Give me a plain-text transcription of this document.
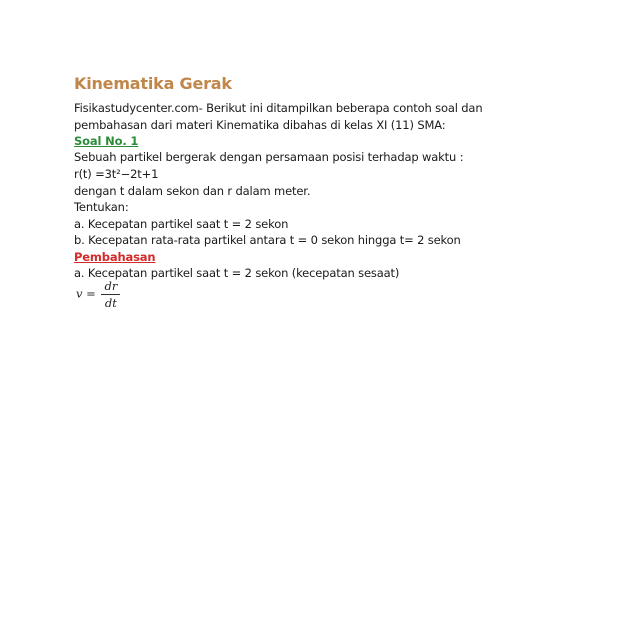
Kinematika Gerak
Fisikastudycenter.com- Berikut ini ditampilkan beberapa contoh soal dan
pembahasan dari materi Kinematika dibahas di kelas XI (11) SMA:
Soal No. 1
Sebuah partikel bergerak dengan persamaan posisi terhadap waktu :
r(t) =3t²−2t+1
dengan t dalam sekon dan r dalam meter.
Tentukan:
a. Kecepatan partikel saat t = 2 sekon
b. Kecepatan rata-rata partikel antara t = 0 sekon hingga t= 2 sekon
Pembahasan
a. Kecepatan partikel saat t = 2 sekon (kecepatan sesaat)
$v = \frac{dr}{dt}$
